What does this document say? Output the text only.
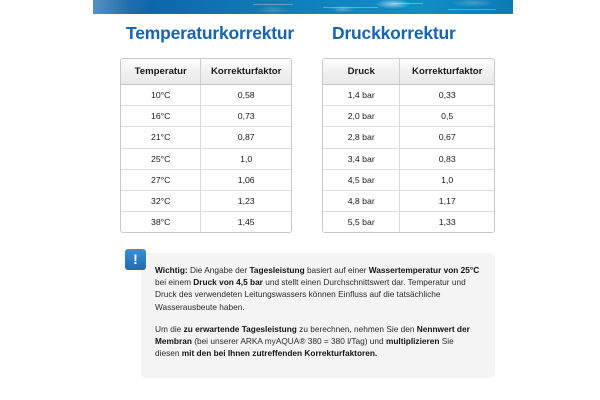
Temperaturkorrektur Druckkorrektur
Temperatur	Korrekturfaktor
10°C	0,58
16°C	0,73
21°C	0,87
25°C	1,0
27°C	1,06
32°C	1,23
38°C	1,45
Druck	Korrekturfaktor
1,4 bar	0,33
2,0 bar	0,5
2,8 bar	0,67
3,4 bar	0,83
4,5 bar	1,0
4,8 bar	1,17
5,5 bar	1,33
!

Wichtig: Die Angabe der Tagesleistung basiert auf einer Wassertemperatur von 25°C bei einem Druck von 4,5 bar und stellt einen Durchschnittswert dar. Temperatur und Druck des verwendeten Leitungswassers können Einfluss auf die tatsächliche Wasserausbeute haben.

Um die zu erwartende Tagesleistung zu berechnen, nehmen Sie den Nennwert der Membran (bei unserer ARKA myAQUA® 380 = 380 l/Tag) und multiplizieren Sie diesen mit den bei Ihnen zutreffenden Korrekturfaktoren.
